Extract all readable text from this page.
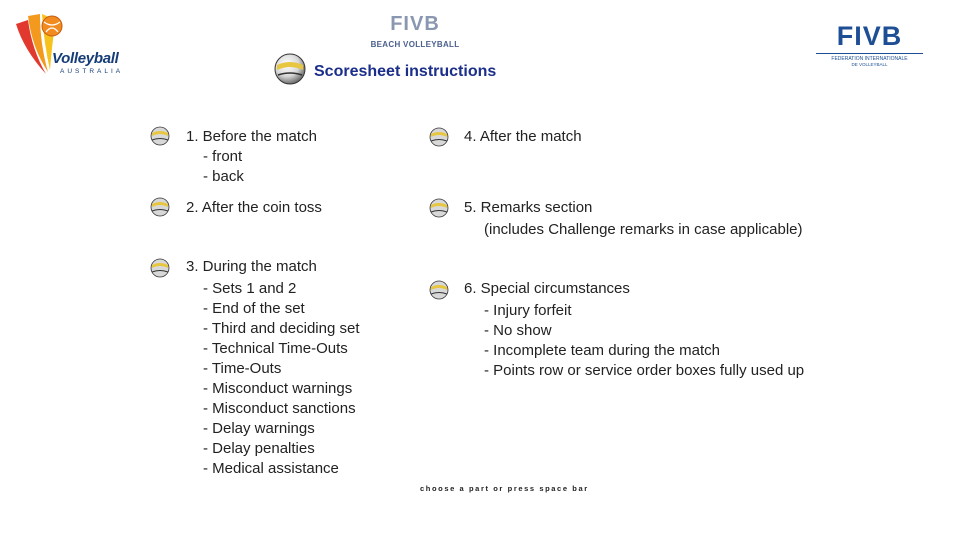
Volleyball
AUSTRALIA
FIVB
BEACH VOLLEYBALL	FIVB
FEDERATION INTERNATIONALE
DE VOLLEYBALL
Scoresheet instructions
1. Before the match
- front
- back
2. After the coin toss
3. During the match
- Sets 1 and 2
- End of the set
- Third and deciding set
- Technical Time-Outs
- Time-Outs
- Misconduct warnings
- Misconduct sanctions
- Delay warnings
- Delay penalties
- Medical assistance
4. After the match
5. Remarks section
(includes Challenge remarks in case applicable)
6. Special circumstances
- Injury forfeit
- No show
- Incomplete team during the match
- Points row or service order boxes fully used up
choose a part or press space bar
